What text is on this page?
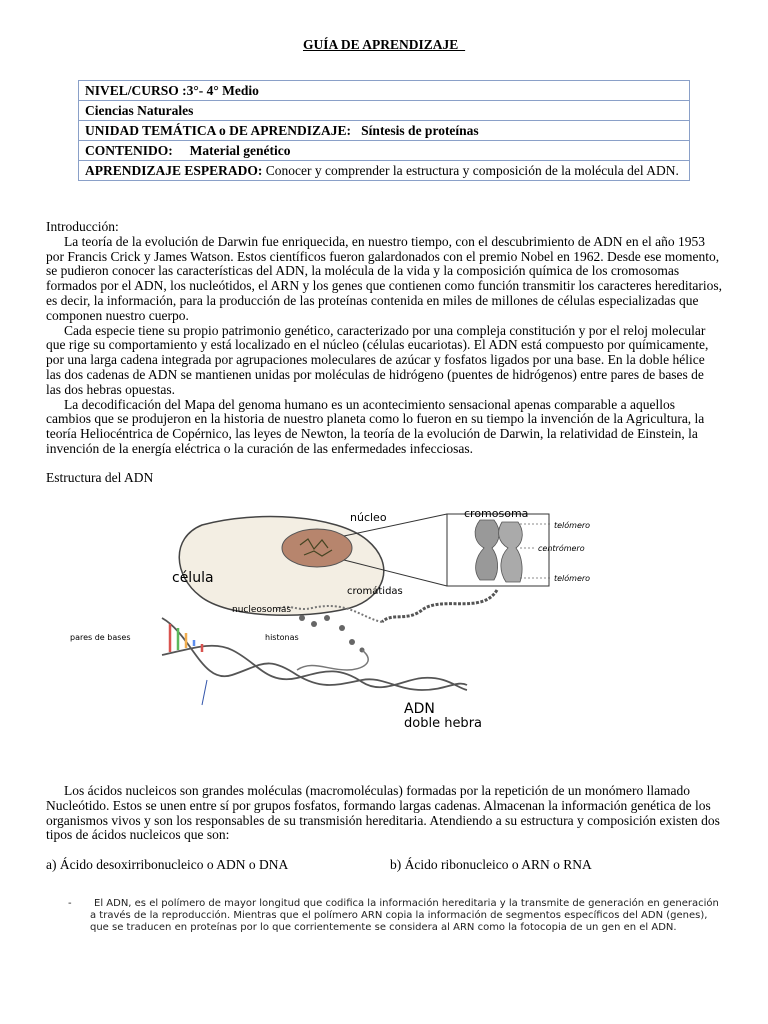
GUÍA DE APRENDIZAJE_
NIVEL/CURSO :3°- 4° Medio
Ciencias Naturales
UNIDAD TEMÁTICA o DE APRENDIZAJE: Síntesis de proteínas
CONTENIDO: Material genético
APRENDIZAJE ESPERADO: Conocer y comprender la estructura y composición de la molécula del ADN.

Introducción:

La teoría de la evolución de Darwin fue enriquecida, en nuestro tiempo, con el descubrimiento de ADN en el año 1953 por Francis Crick y James Watson. Estos científicos fueron galardonados con el premio Nobel en 1962. Desde ese momento, se pudieron conocer las características del ADN, la molécula de la vida y la composición química de los cromosomas formados por el ADN, los nucleótidos, el ARN y los genes que contienen como función transmitir los caracteres hereditarios, es decir, la información, para la producción de las proteínas contenida en miles de millones de células especializadas que componen nuestro cuerpo.

Cada especie tiene su propio patrimonio genético, caracterizado por una compleja constitución y por el reloj molecular que rige su comportamiento y está localizado en el núcleo (células eucariotas). El ADN está compuesto por químicamente, por una larga cadena integrada por agrupaciones moleculares de azúcar y fosfatos ligados por una base. En la doble hélice las dos cadenas de ADN se mantienen unidas por moléculas de hidrógeno (puentes de hidrógenos) entre pares de bases de las dos hebras opuestas.

La decodificación del Mapa del genoma humano es un acontecimiento sensacional apenas comparable a aquellos cambios que se produjeron en la historia de nuestro planeta como lo fueron en su tiempo la invención de la Agricultura, la teoría Heliocéntrica de Copérnico, las leyes de Newton, la teoría de la evolución de Darwin, la relatividad de Einstein, la invención de la energía eléctrica o la curación de las enfermedades infecciosas.

Estructura del ADN
núcleo	cromosoma
telómero
centrómero
telómero
célula
cromátidas
nucleosomas
pares de bases	histonas
ADN
doble hebra

Los ácidos nucleicos son grandes moléculas (macromoléculas) formadas por la repetición de un monómero llamado Nucleótido. Estos se unen entre sí por grupos fosfatos, formando largas cadenas. Almacenan la información genética de los organismos vivos y son los responsables de su transmisión hereditaria. Atendiendo a su estructura y composición existen dos tipos de ácidos nucleicos que son:

a) Ácido desoxirribonucleico o ADN o DNA	b) Ácido ribonucleico o ARN o RNA
-	El ADN, es el polímero de mayor longitud que codifica la información hereditaria y la transmite de generación en generación a través de la reproducción. Mientras que el polímero ARN copia la información de segmentos específicos del ADN (genes), que se traducen en proteínas por lo que corrientemente se considera al ARN como la fotocopia de un gen en el ADN.
